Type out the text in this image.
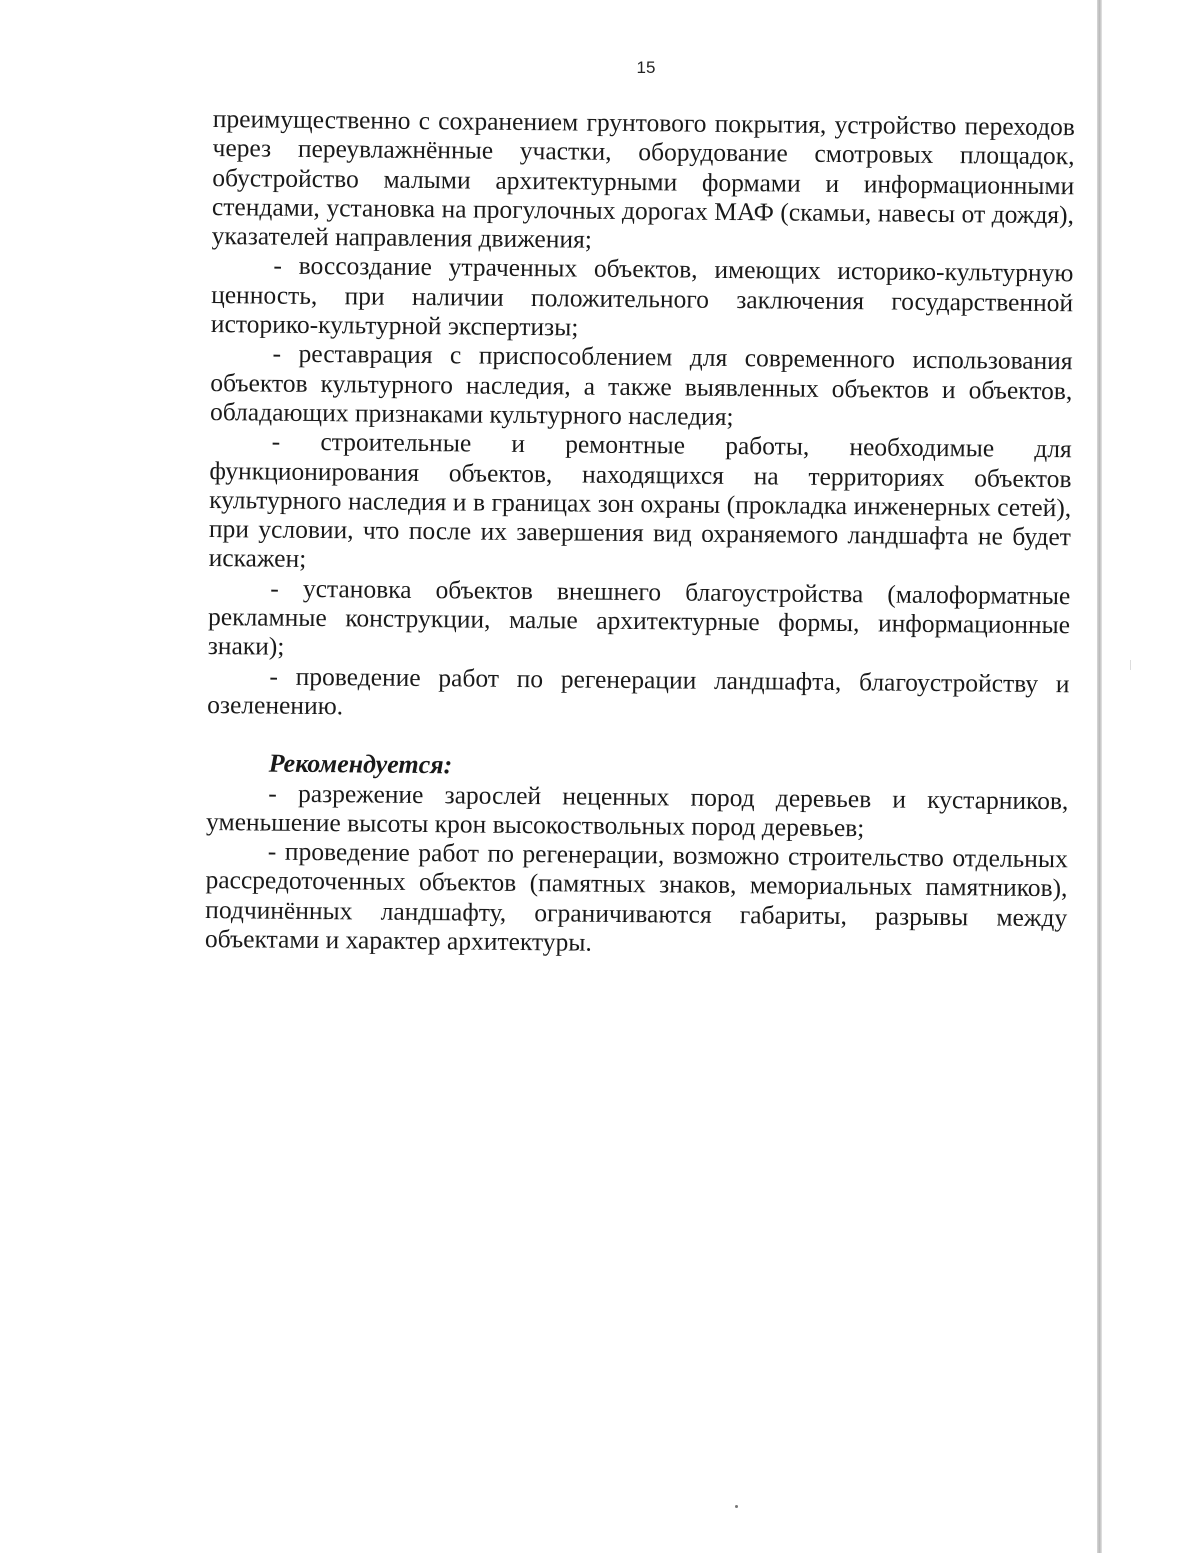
15

преимущественно с сохранением грунтового покрытия, устройство переходов через переувлажнённые участки, оборудование смотровых площадок, обустройство малыми архитектурными формами и информационными стендами, установка на прогулочных дорогах МАФ (скамьи, навесы от дождя), указателей направления движения;

- воссоздание утраченных объектов, имеющих историко-культурную ценность, при наличии положительного заключения государственной историко-культурной экспертизы;

- реставрация с приспособлением для современного использования объектов культурного наследия, а также выявленных объектов и объектов, обладающих признаками культурного наследия;

- строительные и ремонтные работы, необходимые для функционирования объектов, находящихся на территориях объектов культурного наследия и в границах зон охраны (прокладка инженерных сетей), при условии, что после их завершения вид охраняемого ландшафта не будет искажен;

- установка объектов внешнего благоустройства (малоформатные рекламные конструкции, малые архитектурные формы, информационные знаки);

- проведение работ по регенерации ландшафта, благоустройству и озеленению.

Рекомендуется:

- разрежение зарослей неценных пород деревьев и кустарников, уменьшение высоты крон высокоствольных пород деревьев;

- проведение работ по регенерации, возможно строительство отдельных рассредоточенных объектов (памятных знаков, мемориальных памятников), подчинённых ландшафту, ограничиваются габариты, разрывы между объектами и характер архитектуры.
